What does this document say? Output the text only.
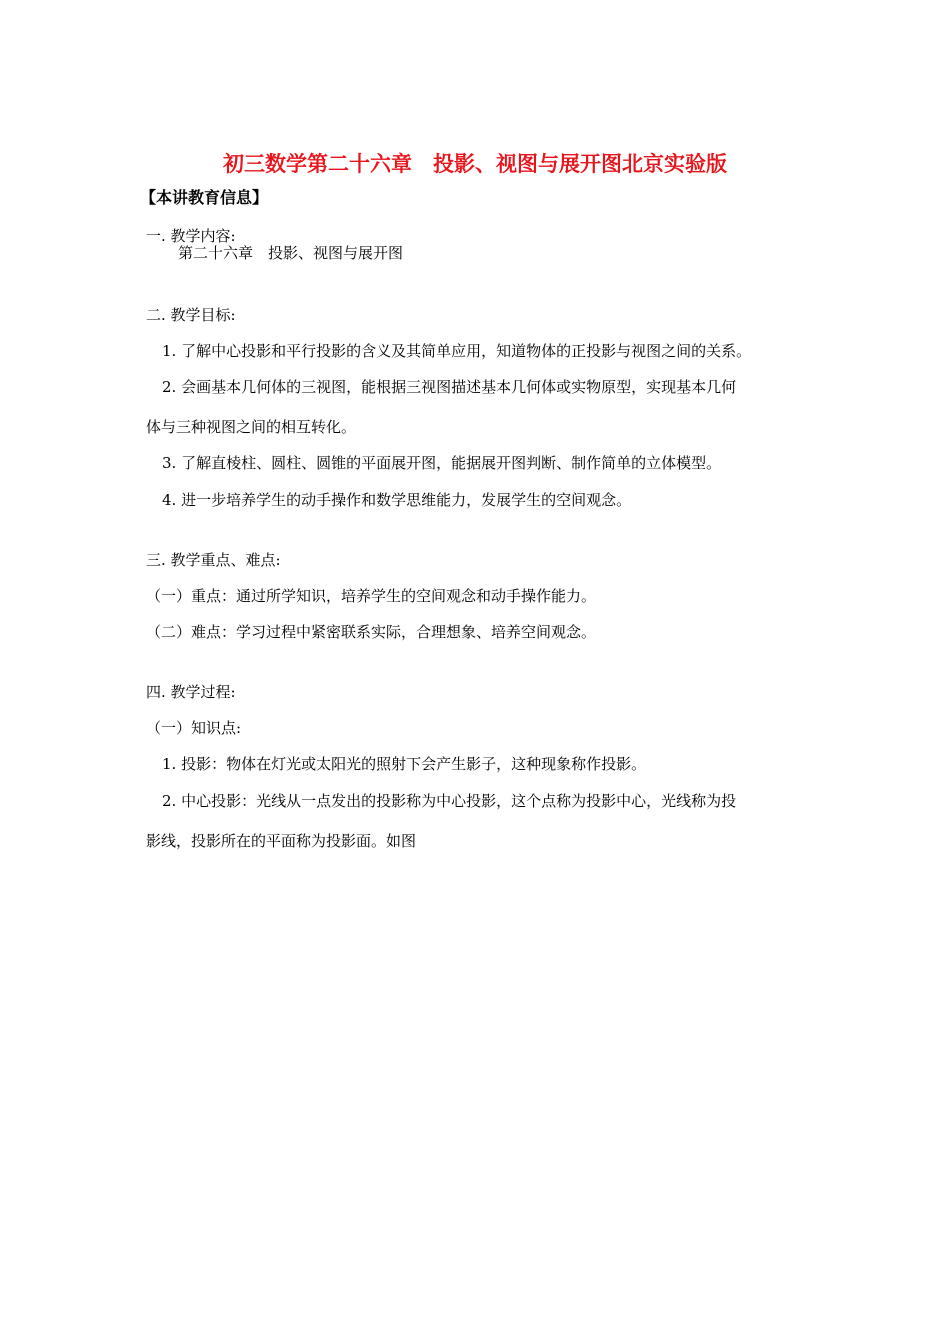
初三数学第二十六章　投影、视图与展开图北京实验版
【本讲教育信息】
一. 教学内容:
第二十六章　投影、视图与展开图
二. 教学目标:
1. 了解中心投影和平行投影的含义及其简单应用，知道物体的正投影与视图之间的关系。
2. 会画基本几何体的三视图，能根据三视图描述基本几何体或实物原型，实现基本几何
体与三种视图之间的相互转化。
3. 了解直棱柱、圆柱、圆锥的平面展开图，能据展开图判断、制作简单的立体模型。
4. 进一步培养学生的动手操作和数学思维能力，发展学生的空间观念。
三. 教学重点、难点:
（一）重点：通过所学知识，培养学生的空间观念和动手操作能力。
（二）难点：学习过程中紧密联系实际，合理想象、培养空间观念。
四. 教学过程:
（一）知识点:
1. 投影：物体在灯光或太阳光的照射下会产生影子，这种现象称作投影。
2. 中心投影：光线从一点发出的投影称为中心投影，这个点称为投影中心，光线称为投
影线，投影所在的平面称为投影面。如图
